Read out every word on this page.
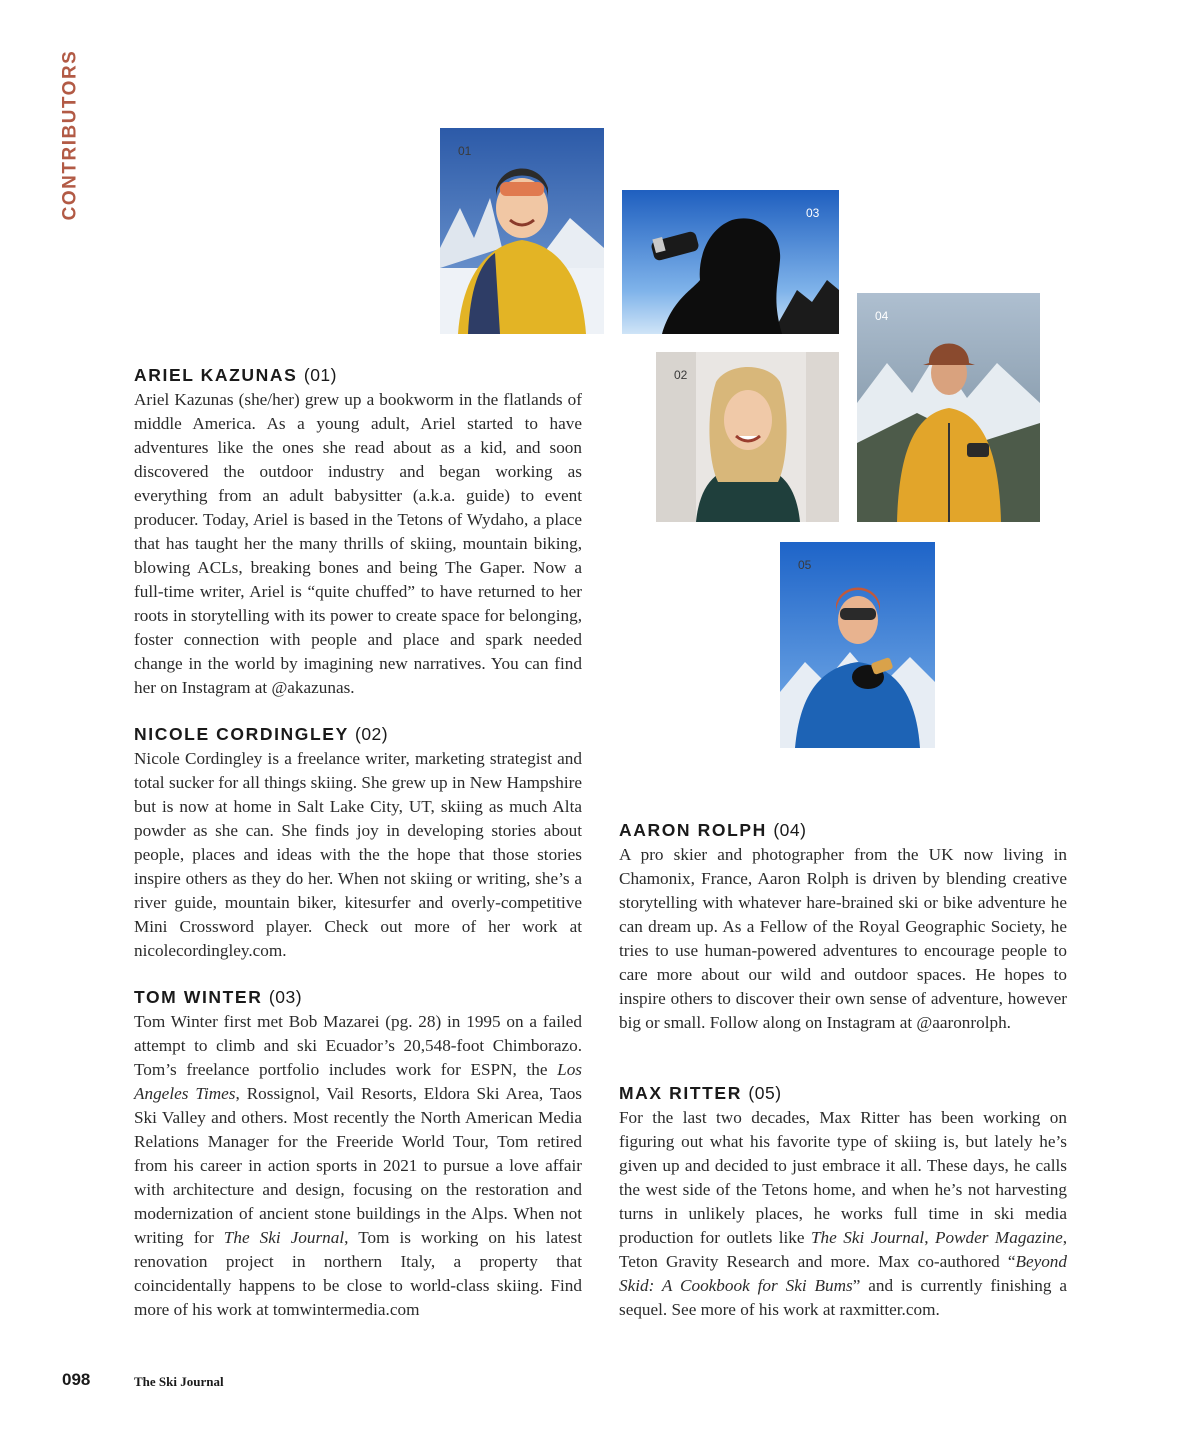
CONTRIBUTORS	01
03
04
02
05
ARIEL KAZUNAS (01)

Ariel Kazunas (she/her) grew up a bookworm in the flatlands of middle America. As a young adult, Ariel started to have adventures like the ones she read about as a kid, and soon discovered the outdoor industry and began working as everything from an adult babysitter (a.k.a. guide) to event producer. Today, Ariel is based in the Tetons of Wydaho, a place that has taught her the many thrills of skiing, mountain biking, blowing ACLs, breaking bones and being The Gaper. Now a full-time writer, Ariel is “quite chuffed” to have returned to her roots in storytelling with its power to create space for belonging, foster connection with people and place and spark needed change in the world by imagining new narratives. You can find her on Instagram at @akazunas.

NICOLE CORDINGLEY (02)

Nicole Cordingley is a freelance writer, marketing strategist and total sucker for all things skiing. She grew up in New Hampshire but is now at home in Salt Lake City, UT, skiing as much Alta powder as she can. She finds joy in developing stories about people, places and ideas with the the hope that those stories inspire others as they do her. When not skiing or writing, she’s a river guide, mountain biker, kitesurfer and overly-competitive Mini Crossword player. Check out more of her work at nicolecordingley.com.

TOM WINTER (03)

Tom Winter first met Bob Mazarei (pg. 28) in 1995 on a failed attempt to climb and ski Ecuador’s 20,548-foot Chimborazo. Tom’s freelance portfolio includes work for ESPN, the Los Angeles Times, Rossignol, Vail Resorts, Eldora Ski Area, Taos Ski Valley and others. Most recently the North American Media Relations Manager for the Freeride World Tour, Tom retired from his career in action sports in 2021 to pursue a love affair with architecture and design, focusing on the restoration and modernization of ancient stone buildings in the Alps. When not writing for The Ski Journal, Tom is working on his latest renovation project in northern Italy, a property that coincidentally happens to be close to world-class skiing. Find more of his work at tomwintermedia.com

AARON ROLPH (04)

A pro skier and photographer from the UK now living in Chamonix, France, Aaron Rolph is driven by blending creative storytelling with whatever hare-brained ski or bike adventure he can dream up. As a Fellow of the Royal Geographic Society, he tries to use human-powered adventures to encourage people to care more about our wild and outdoor spaces. He hopes to inspire others to discover their own sense of adventure, however big or small. Follow along on Instagram at @aaronrolph.

MAX RITTER (05)

For the last two decades, Max Ritter has been working on figuring out what his favorite type of skiing is, but lately he’s given up and decided to just embrace it all. These days, he calls the west side of the Tetons home, and when he’s not harvesting turns in unlikely places, he works full time in ski media production for outlets like The Ski Journal, Powder Magazine, Teton Gravity Research and more. Max co-authored “Beyond Skid: A Cookbook for Ski Bums” and is currently finishing a sequel. See more of his work at raxmitter.com.

098	The Ski Journal
